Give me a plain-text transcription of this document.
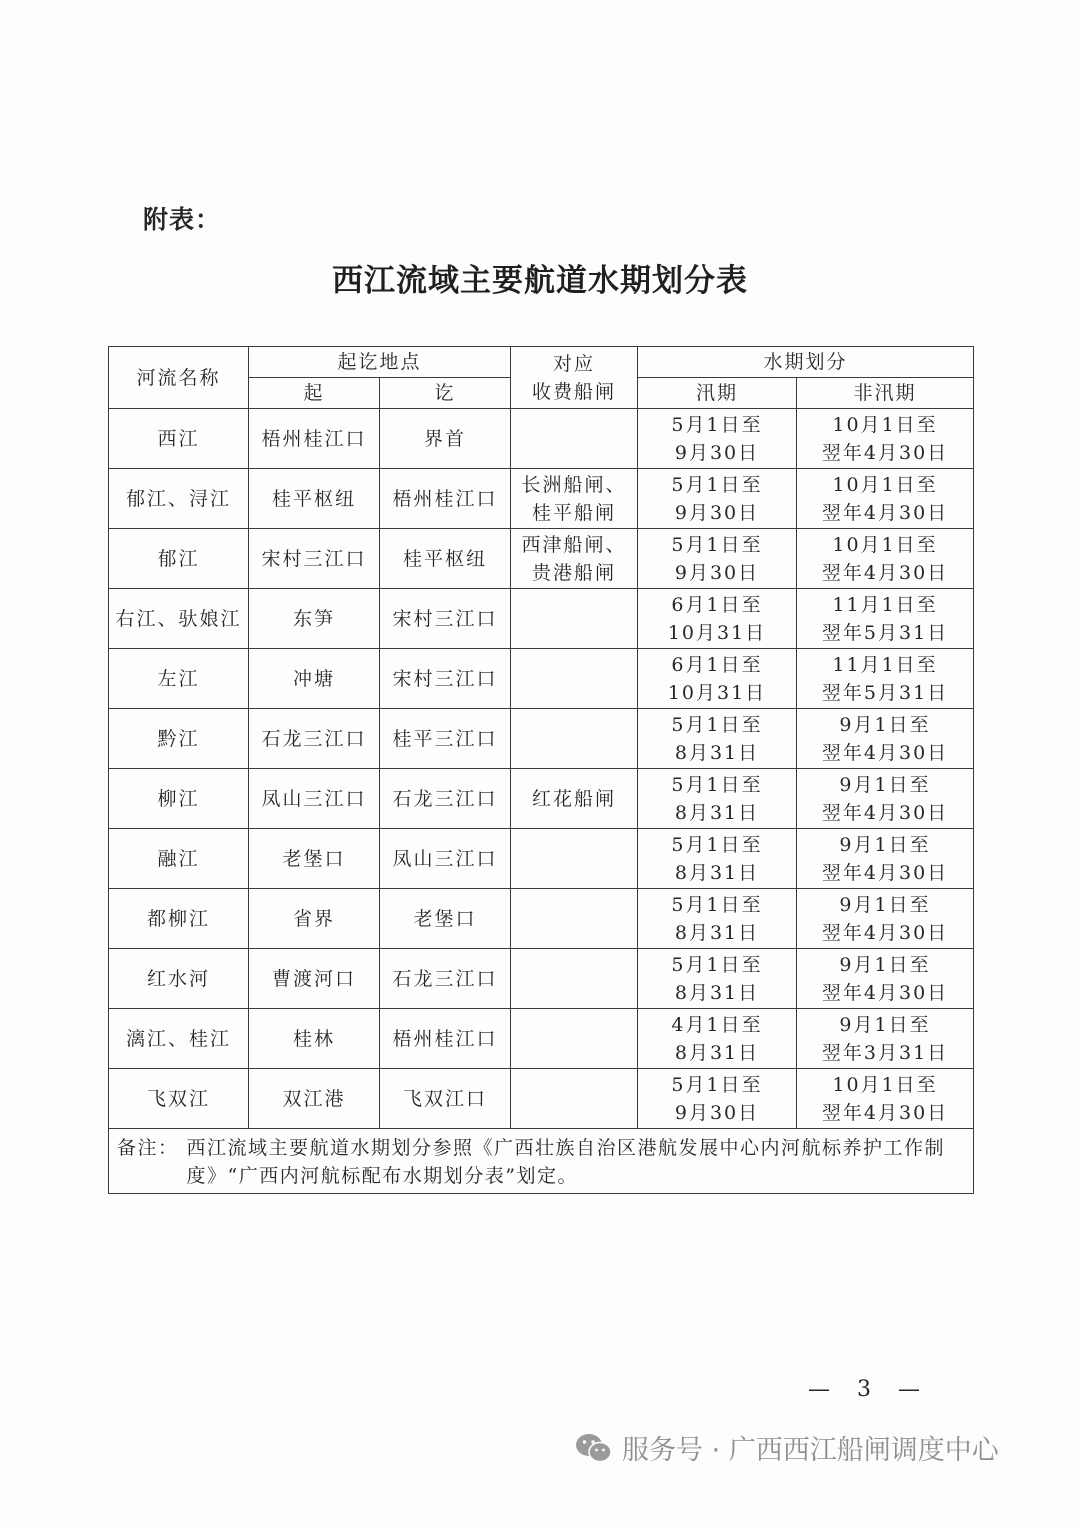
附表：
西江流域主要航道水期划分表
河流名称	起讫地点		对应
收费船闸	水期划分	
	起	讫		汛期	非汛期

西江	梧州桂江口	界首		5月1日至
9月30日	10月1日至
翌年4月30日

郁江、浔江	桂平枢纽	梧州桂江口	长洲船闸、
桂平船闸	5月1日至
9月30日	10月1日至
翌年4月30日

郁江	宋村三江口	桂平枢纽	西津船闸、
贵港船闸	5月1日至
9月30日	10月1日至
翌年4月30日

右江、驮娘江	东笋	宋村三江口		6月1日至
10月31日	11月1日至
翌年5月31日

左江	冲塘	宋村三江口		6月1日至
10月31日	11月1日至
翌年5月31日

黔江	石龙三江口	桂平三江口		5月1日至
8月31日	9月1日至
翌年4月30日

柳江	凤山三江口	石龙三江口	红花船闸	5月1日至
8月31日	9月1日至
翌年4月30日

融江	老堡口	凤山三江口		5月1日至
8月31日	9月1日至
翌年4月30日

都柳江	省界	老堡口		5月1日至
8月31日	9月1日至
翌年4月30日

红水河	曹渡河口	石龙三江口		5月1日至
8月31日	9月1日至
翌年4月30日

漓江、桂江	桂林	梧州桂江口		4月1日至
8月31日	9月1日至
翌年3月31日

飞双江	双江港	飞双江口		5月1日至
9月30日	10月1日至
翌年4月30日

备注： 西江流域主要航道水期划分参照《广西壮族自治区港航发展中心内河航标养护工作制度》“广西内河航标配布水期划分表”划定。					
— 3 —
服务号 · 广西西江船闸调度中心
